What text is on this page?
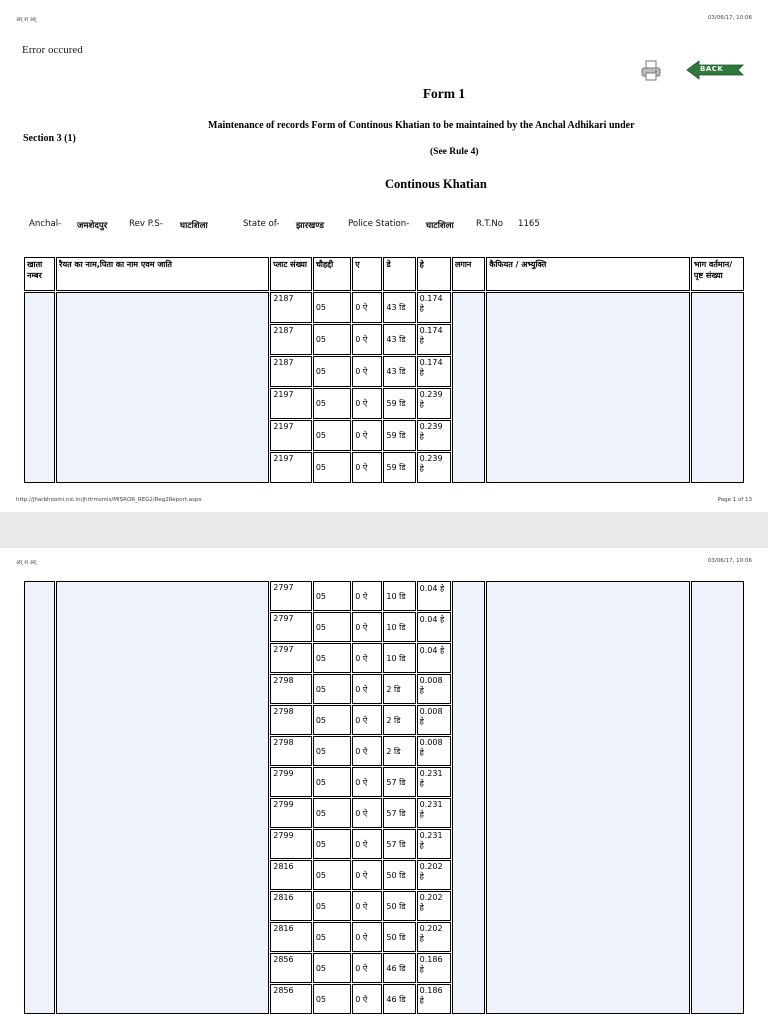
अर् श अर्	03/06/17, 10:06
Error occured
BACK
Form 1
Section 3 (1)
Maintenance of records Form of Continous Khatian to be maintained by the Anchal Adhikari under
(See Rule 4)
Continous Khatian
Anchal- जमशेदपुर	Rev P.S- घाटशिला	State of- झारखण्ड	Police Station- घाटशिला	R.T.No 1165
खाता नम्बर	रैयत का नाम,पिता का नाम एवम जाति	प्लाट संख्या	चौहद्दी	ए	डे	हे	लगान	कैफियत / अभ्युक्ति	भाग वर्तमान/ पृष्ट संख्या
		2187	05	0 ऐ	43 डि	0.174 हे			
		2187	05	0 ऐ	43 डि	0.174 हे			
		2187	05	0 ऐ	43 डि	0.174 हे			
		2197	05	0 ऐ	59 डि	0.239 हे			
		2197	05	0 ऐ	59 डि	0.239 हे			
		2197	05	0 ऐ	59 डि	0.239 हे			
http://jharbhoomi.nic.in/jhrlrmsmis/MISROR_REG2/Reg2Report.aspx	Page 1 of 13
अर् श अर्	03/06/17, 10:06
		2797	05	0 ऐ	10 डि	0.04 हे			
		2797	05	0 ऐ	10 डि	0.04 हे			
		2797	05	0 ऐ	10 डि	0.04 हे			
		2798	05	0 ऐ	2 डि	0.008 हे			
		2798	05	0 ऐ	2 डि	0.008 हे			
		2798	05	0 ऐ	2 डि	0.008 हे			
		2799	05	0 ऐ	57 डि	0.231 हे			
		2799	05	0 ऐ	57 डि	0.231 हे			
		2799	05	0 ऐ	57 डि	0.231 हे			
		2816	05	0 ऐ	50 डि	0.202 हे			
		2816	05	0 ऐ	50 डि	0.202 हे			
		2816	05	0 ऐ	50 डि	0.202 हे			
		2856	05	0 ऐ	46 डि	0.186 हे			
		2856	05	0 ऐ	46 डि	0.186 हे			
